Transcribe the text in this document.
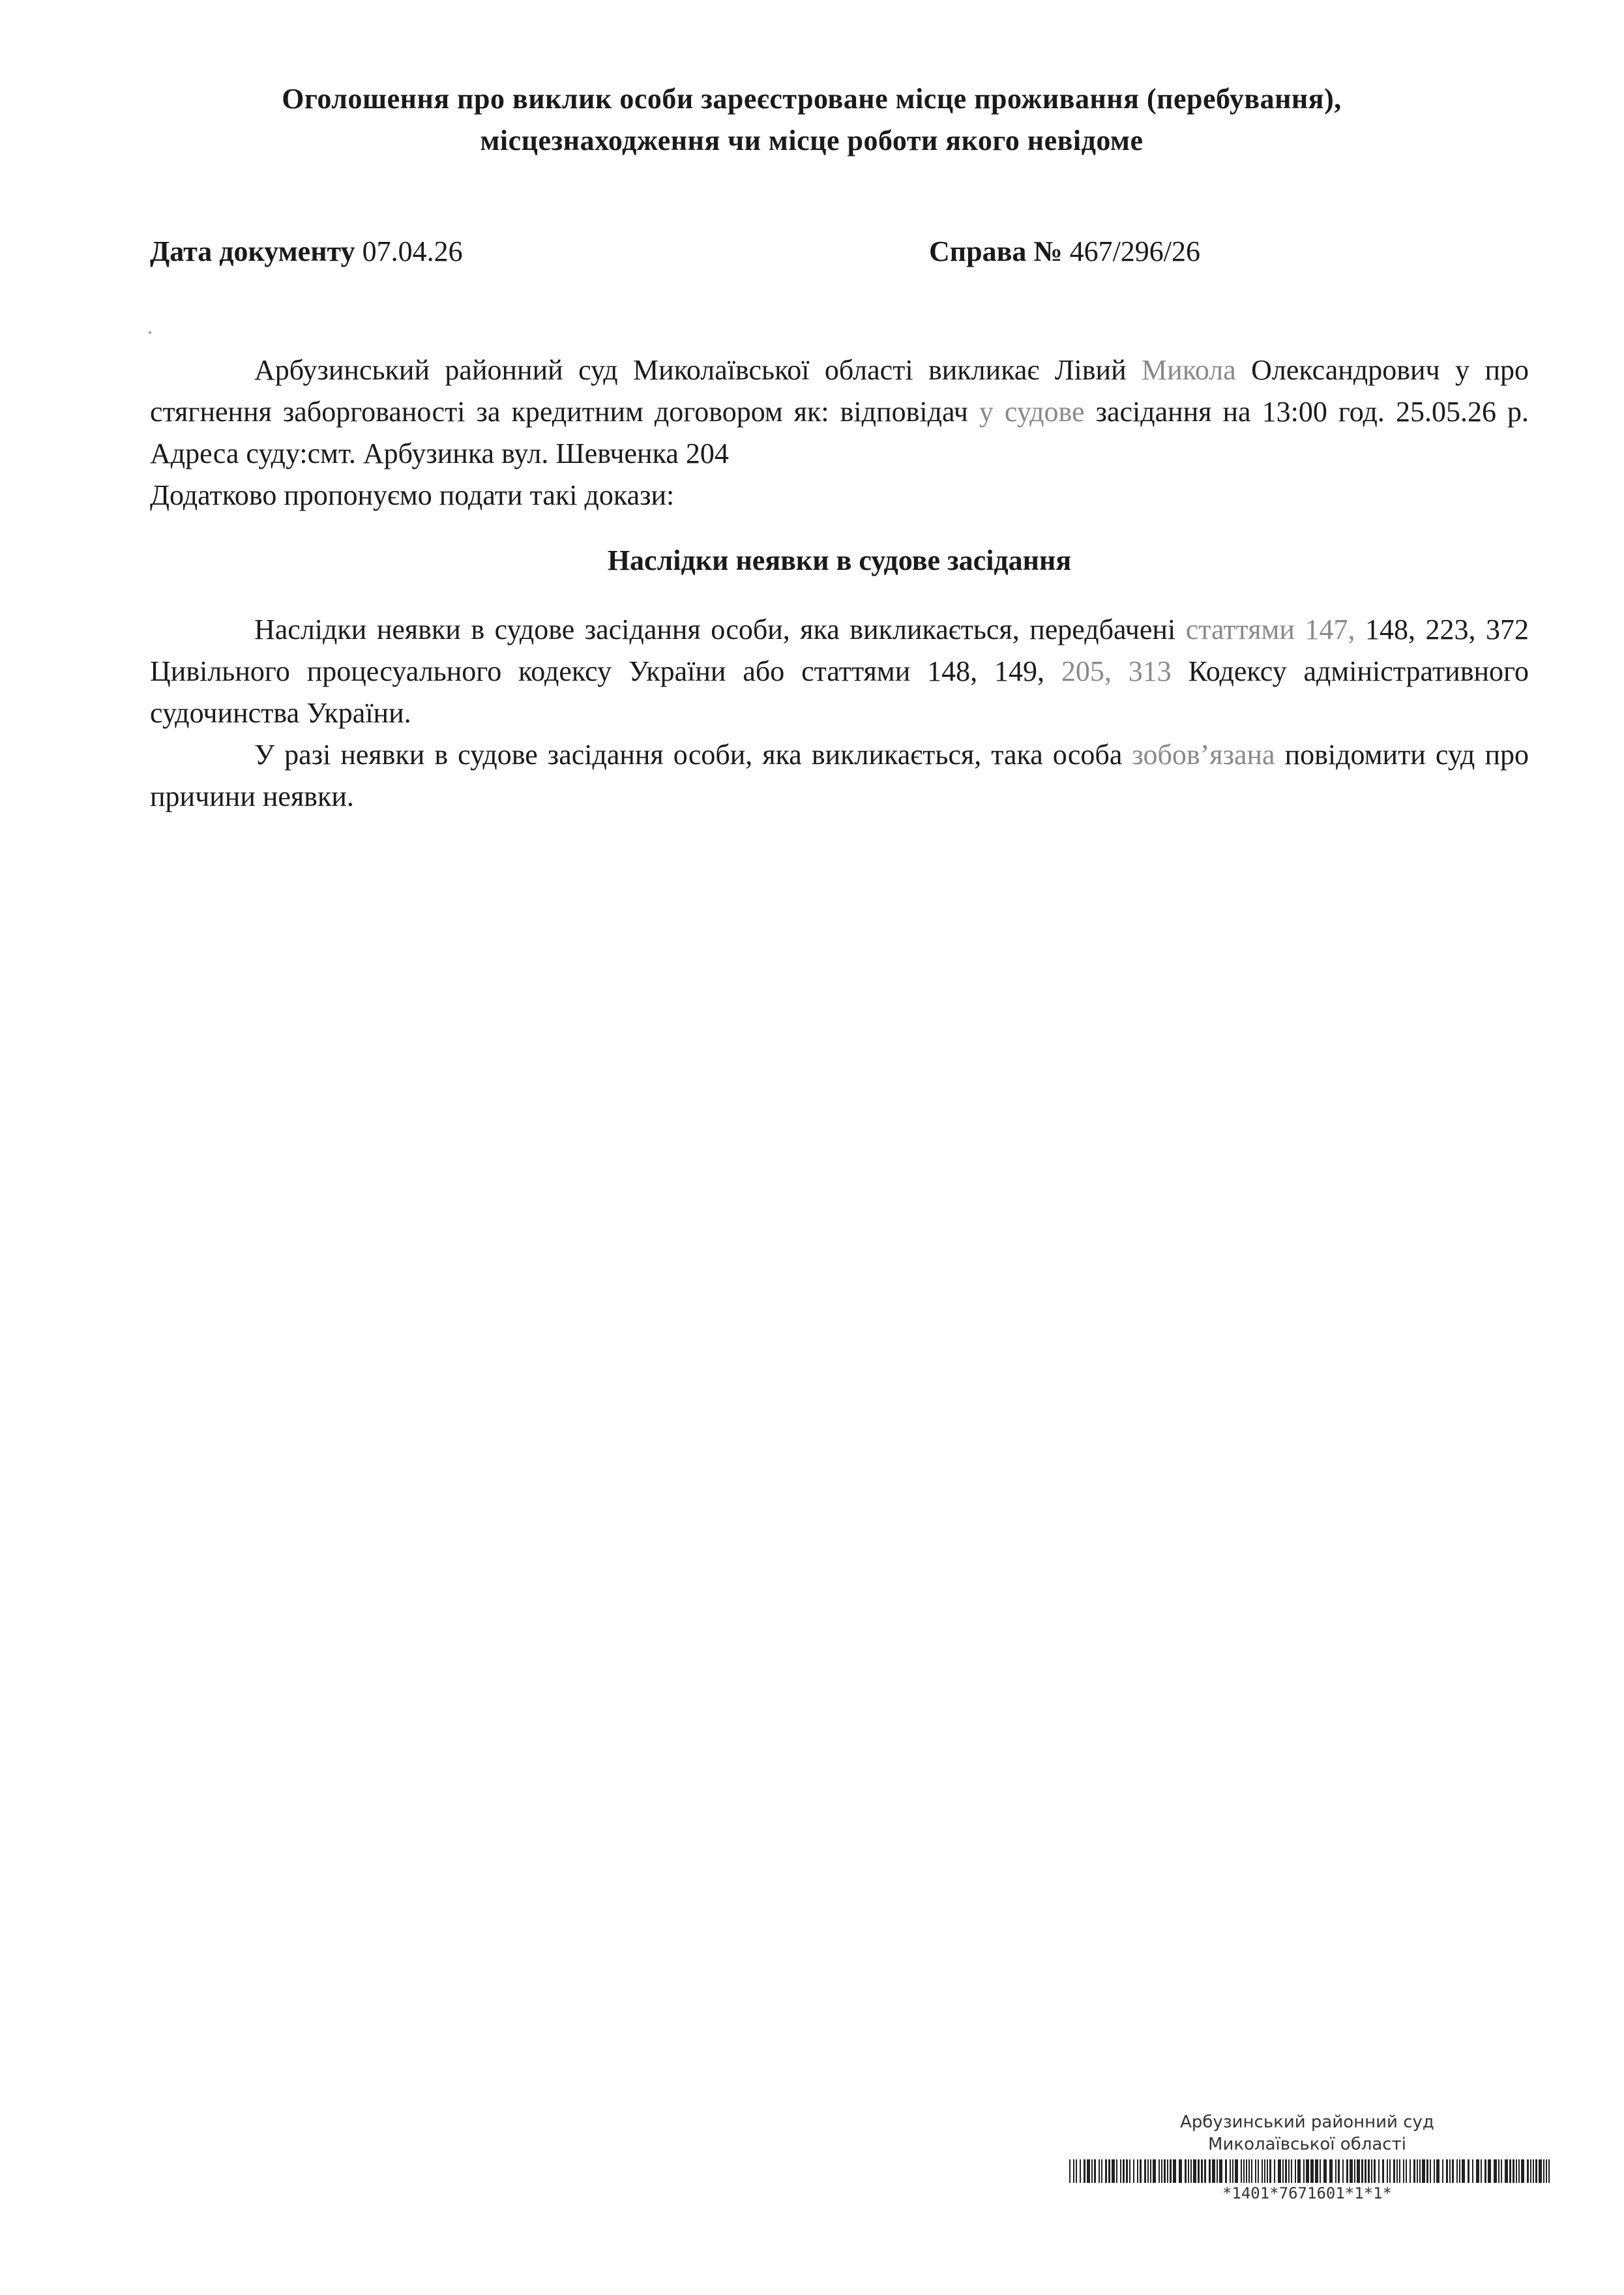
Оголошення про виклик особи зареєстроване місце проживання (перебування),
місцезнаходження чи місце роботи якого невідоме
Дата документу 07.04.26	Справа № 467/296/26

Арбузинський районний суд Миколаївської області викликає Лівий Микола Олександрович у про стягнення заборгованості за кредитним договором як: відповідач у судове засідання на 13:00 год. 25.05.26 р. Адреса суду:смт. Арбузинка вул. Шевченка 204

Додатково пропонуємо подати такі докази:

Наслідки неявки в судове засідання

Наслідки неявки в судове засідання особи, яка викликається, передбачені статтями 147, 148, 223, 372 Цивільного процесуального кодексу України або статтями 148, 149, 205, 313 Кодексу адміністративного судочинства України.

У разі неявки в судове засідання особи, яка викликається, така особа зобов’язана повідомити суд про причини неявки.

Арбузинський районний суд
Миколаївської області
*1401*7671601*1*1*
